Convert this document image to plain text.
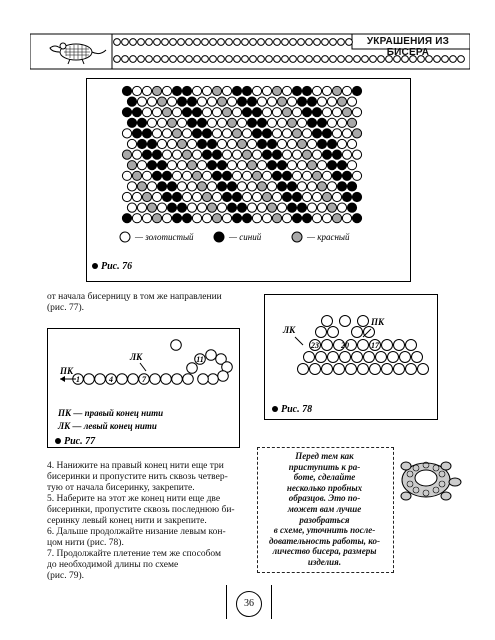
УКРАШЕНИЯ ИЗ БИСЕРА
— золотистый	— синий	— красный
Рис. 76
от начала бисерницу в том же направлении
(рис. 77).
1	4	7
11
ПК
ЛК
ПК — правый конец нити
ЛК — левый конец нити
Рис. 77
23	20	17
ЛК
ПК
Рис. 78
4. Нанижите на правый конец нити еще три
бисеринки и пропустите нить сквозь четвер-
тую от начала бисеринку, закрепите.
5. Наберите на этот же конец нити еще две
бисеринки, пропустите сквозь последнюю би-
серинку левый конец нити и закрепите.
6. Дальше продолжайте низание левым кон-
цом нити (рис. 78).
7. Продолжайте плетение тем же способом
до необходимой длины по схеме
(рис. 79).
Перед тем как
приступить к ра-
боте, сделайте
несколько пробных
образцов. Это по-
может вам лучше
разобраться
в схеме, уточнить после-
довательность работы, ко-
личество бисера, размеры
изделия.
36
